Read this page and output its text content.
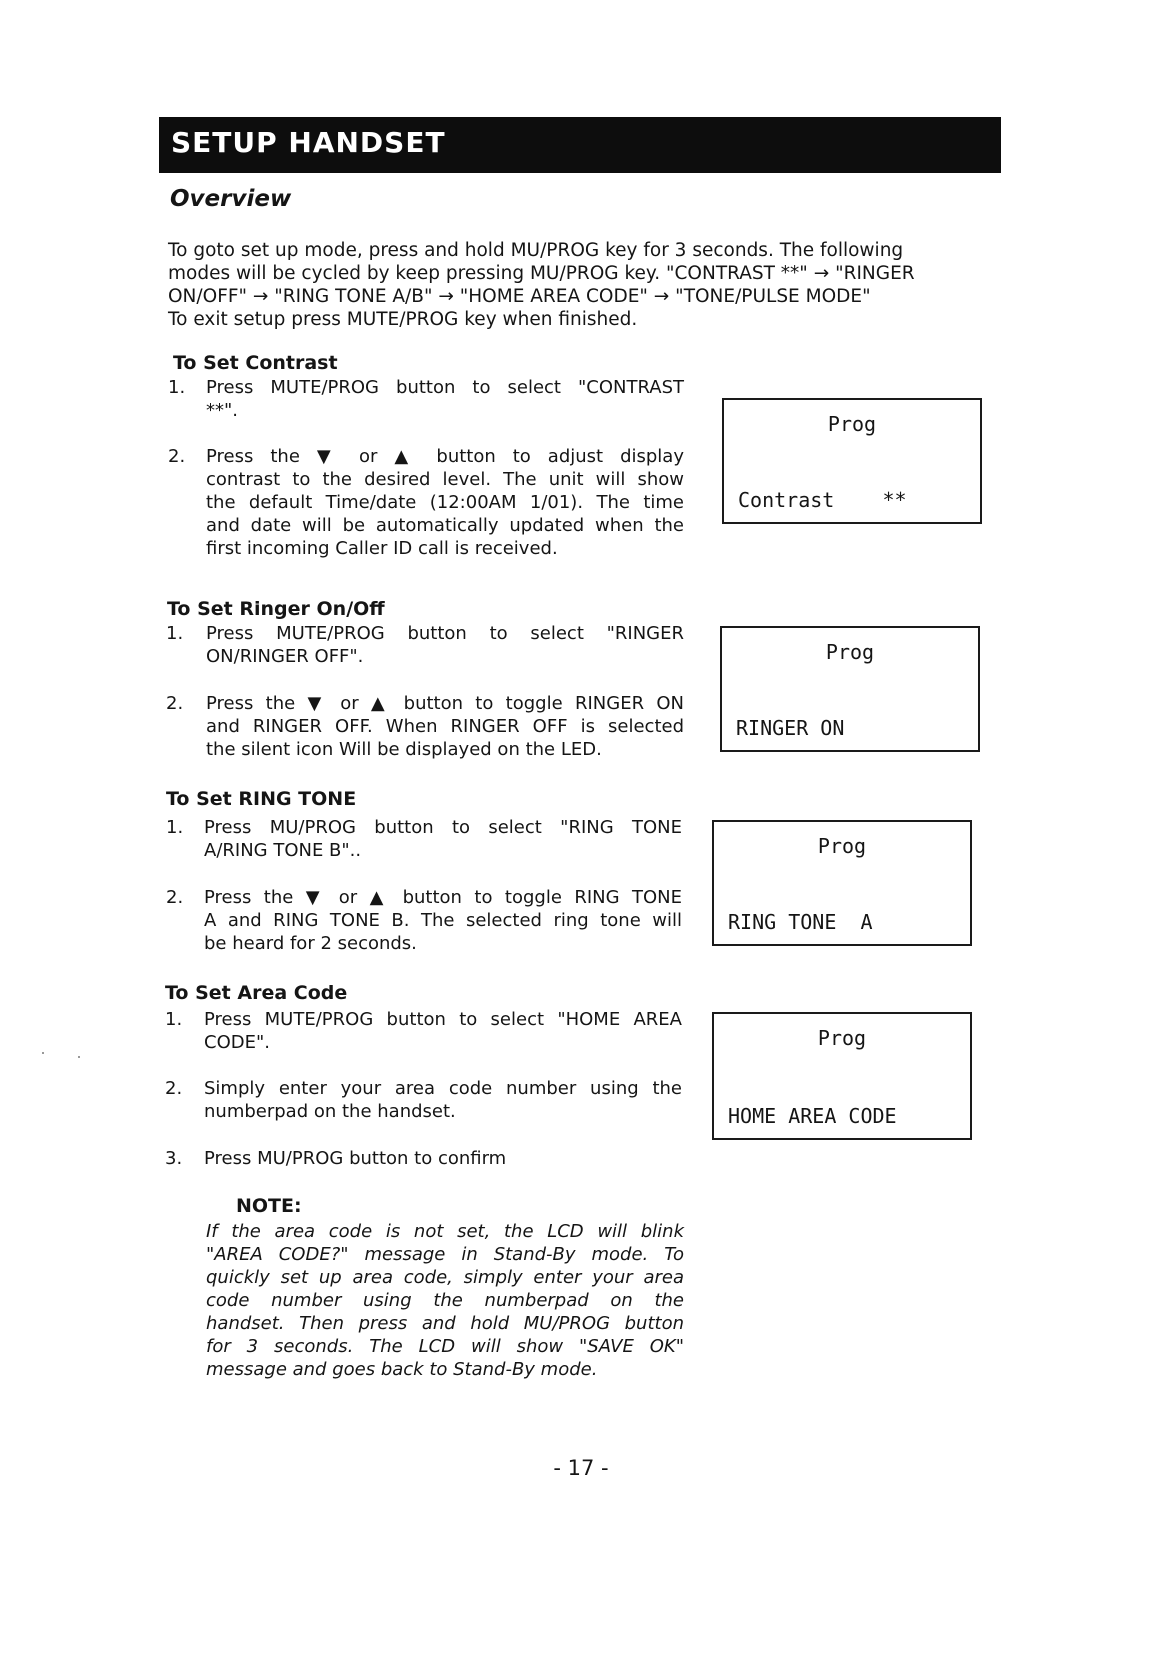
SETUP HANDSET
Overview
To goto set up mode, press and hold MU/PROG key for 3 seconds. The following
modes will be cycled by keep pressing MU/PROG key. "CONTRAST **" → "RINGER
ON/OFF" → "RING TONE A/B" → "HOME AREA CODE" → "TONE/PULSE MODE"
To exit setup press MUTE/PROG key when finished.
To Set Contrast
1. Press MUTE/PROG button to select "CONTRAST
**".
2. Press the ▼ or ▲ button to adjust display
contrast to the desired level. The unit will show
the default Time/date (12:00AM 1/01). The time
and date will be automatically updated when the
first incoming Caller ID call is received.
Prog
Contrast    **
To Set Ringer On/Off
1. Press MUTE/PROG button to select "RINGER
ON/RINGER OFF".
2. Press the ▼ or ▲ button to toggle RINGER ON
and RINGER OFF. When RINGER OFF is selected
the silent icon Will be displayed on the LED.
Prog
RINGER ON
To Set RING TONE
1. Press MU/PROG button to select "RING TONE
A/RING TONE B"..
2. Press the ▼ or ▲ button to toggle RING TONE
A and RING TONE B. The selected ring tone will
be heard for 2 seconds.
Prog
RING TONE  A
To Set Area Code
1. Press MUTE/PROG button to select "HOME AREA
CODE".
2. Simply enter your area code number using the
numberpad on the handset.
3. Press MU/PROG button to confirm
Prog
HOME AREA CODE
NOTE:
If the area code is not set, the LCD will blink
"AREA CODE?" message in Stand-By mode. To
quickly set up area code, simply enter your area
code number using the numberpad on the
handset. Then press and hold MU/PROG button
for 3 seconds. The LCD will show "SAVE OK"
message and goes back to Stand-By mode.
- 17 -
